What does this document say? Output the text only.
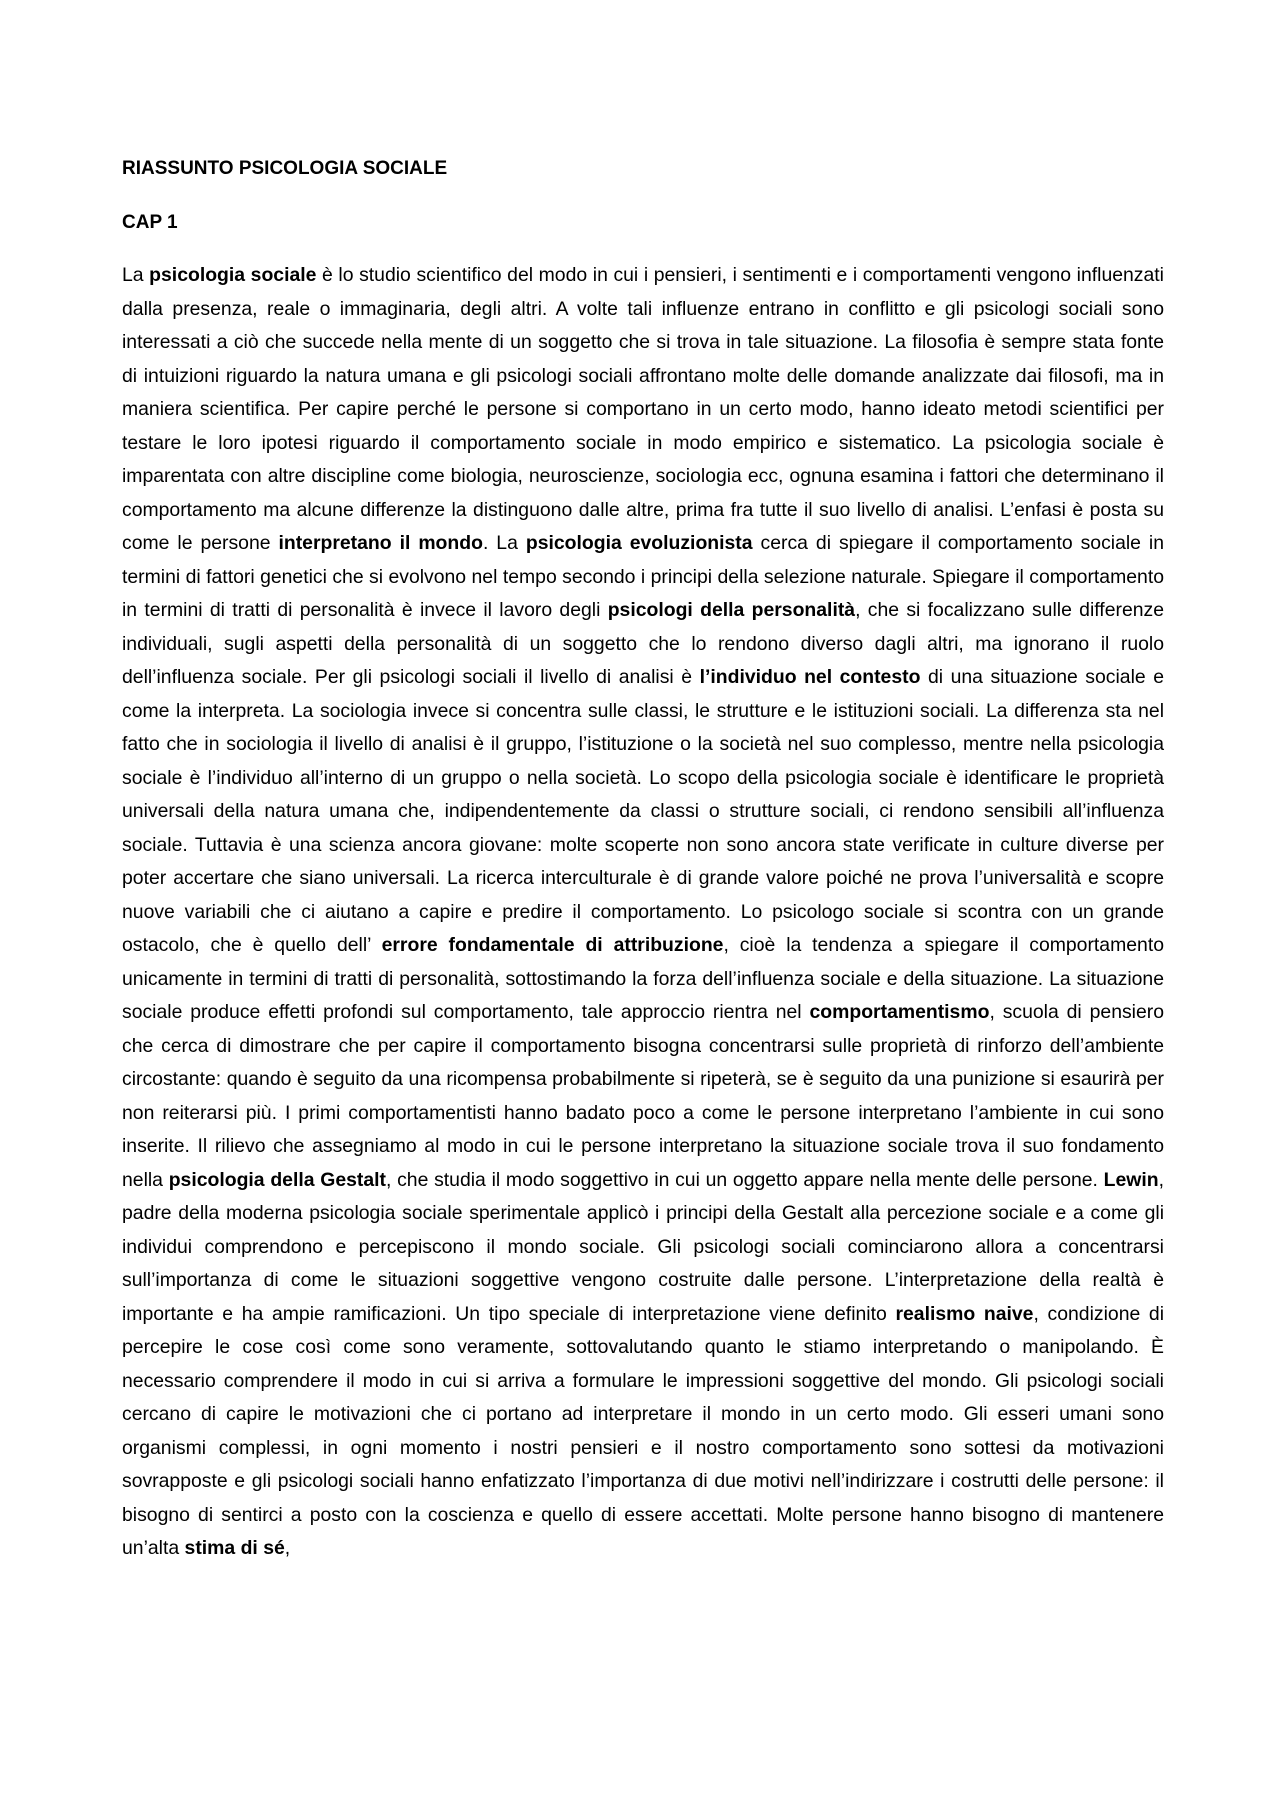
RIASSUNTO PSICOLOGIA SOCIALE

CAP 1

La psicologia sociale è lo studio scientifico del modo in cui i pensieri, i sentimenti e i comportamenti vengono influenzati dalla presenza, reale o immaginaria, degli altri. A volte tali influenze entrano in conflitto e gli psicologi sociali sono interessati a ciò che succede nella mente di un soggetto che si trova in tale situazione. La filosofia è sempre stata fonte di intuizioni riguardo la natura umana e gli psicologi sociali affrontano molte delle domande analizzate dai filosofi, ma in maniera scientifica. Per capire perché le persone si comportano in un certo modo, hanno ideato metodi scientifici per testare le loro ipotesi riguardo il comportamento sociale in modo empirico e sistematico. La psicologia sociale è imparentata con altre discipline come biologia, neuroscienze, sociologia ecc, ognuna esamina i fattori che determinano il comportamento ma alcune differenze la distinguono dalle altre, prima fra tutte il suo livello di analisi. L’enfasi è posta su come le persone interpretano il mondo. La psicologia evoluzionista cerca di spiegare il comportamento sociale in termini di fattori genetici che si evolvono nel tempo secondo i principi della selezione naturale. Spiegare il comportamento in termini di tratti di personalità è invece il lavoro degli psicologi della personalità, che si focalizzano sulle differenze individuali, sugli aspetti della personalità di un soggetto che lo rendono diverso dagli altri, ma ignorano il ruolo dell’influenza sociale. Per gli psicologi sociali il livello di analisi è l’individuo nel contesto di una situazione sociale e come la interpreta. La sociologia invece si concentra sulle classi, le strutture e le istituzioni sociali. La differenza sta nel fatto che in sociologia il livello di analisi è il gruppo, l’istituzione o la società nel suo complesso, mentre nella psicologia sociale è l’individuo all’interno di un gruppo o nella società. Lo scopo della psicologia sociale è identificare le proprietà universali della natura umana che, indipendentemente da classi o strutture sociali, ci rendono sensibili all’influenza sociale. Tuttavia è una scienza ancora giovane: molte scoperte non sono ancora state verificate in culture diverse per poter accertare che siano universali. La ricerca interculturale è di grande valore poiché ne prova l’universalità e scopre nuove variabili che ci aiutano a capire e predire il comportamento. Lo psicologo sociale si scontra con un grande ostacolo, che è quello dell’ errore fondamentale di attribuzione, cioè la tendenza a spiegare il comportamento unicamente in termini di tratti di personalità, sottostimando la forza dell’influenza sociale e della situazione. La situazione sociale produce effetti profondi sul comportamento, tale approccio rientra nel comportamentismo, scuola di pensiero che cerca di dimostrare che per capire il comportamento bisogna concentrarsi sulle proprietà di rinforzo dell’ambiente circostante: quando è seguito da una ricompensa probabilmente si ripeterà, se è seguito da una punizione si esaurirà per non reiterarsi più. I primi comportamentisti hanno badato poco a come le persone interpretano l’ambiente in cui sono inserite. Il rilievo che assegniamo al modo in cui le persone interpretano la situazione sociale trova il suo fondamento nella psicologia della Gestalt, che studia il modo soggettivo in cui un oggetto appare nella mente delle persone. Lewin, padre della moderna psicologia sociale sperimentale applicò i principi della Gestalt alla percezione sociale e a come gli individui comprendono e percepiscono il mondo sociale. Gli psicologi sociali cominciarono allora a concentrarsi sull’importanza di come le situazioni soggettive vengono costruite dalle persone. L’interpretazione della realtà è importante e ha ampie ramificazioni. Un tipo speciale di interpretazione viene definito realismo naive, condizione di percepire le cose così come sono veramente, sottovalutando quanto le stiamo interpretando o manipolando. È necessario comprendere il modo in cui si arriva a formulare le impressioni soggettive del mondo. Gli psicologi sociali cercano di capire le motivazioni che ci portano ad interpretare il mondo in un certo modo. Gli esseri umani sono organismi complessi, in ogni momento i nostri pensieri e il nostro comportamento sono sottesi da motivazioni sovrapposte e gli psicologi sociali hanno enfatizzato l’importanza di due motivi nell’indirizzare i costrutti delle persone: il bisogno di sentirci a posto con la coscienza e quello di essere accettati. Molte persone hanno bisogno di mantenere un’alta stima di sé,
